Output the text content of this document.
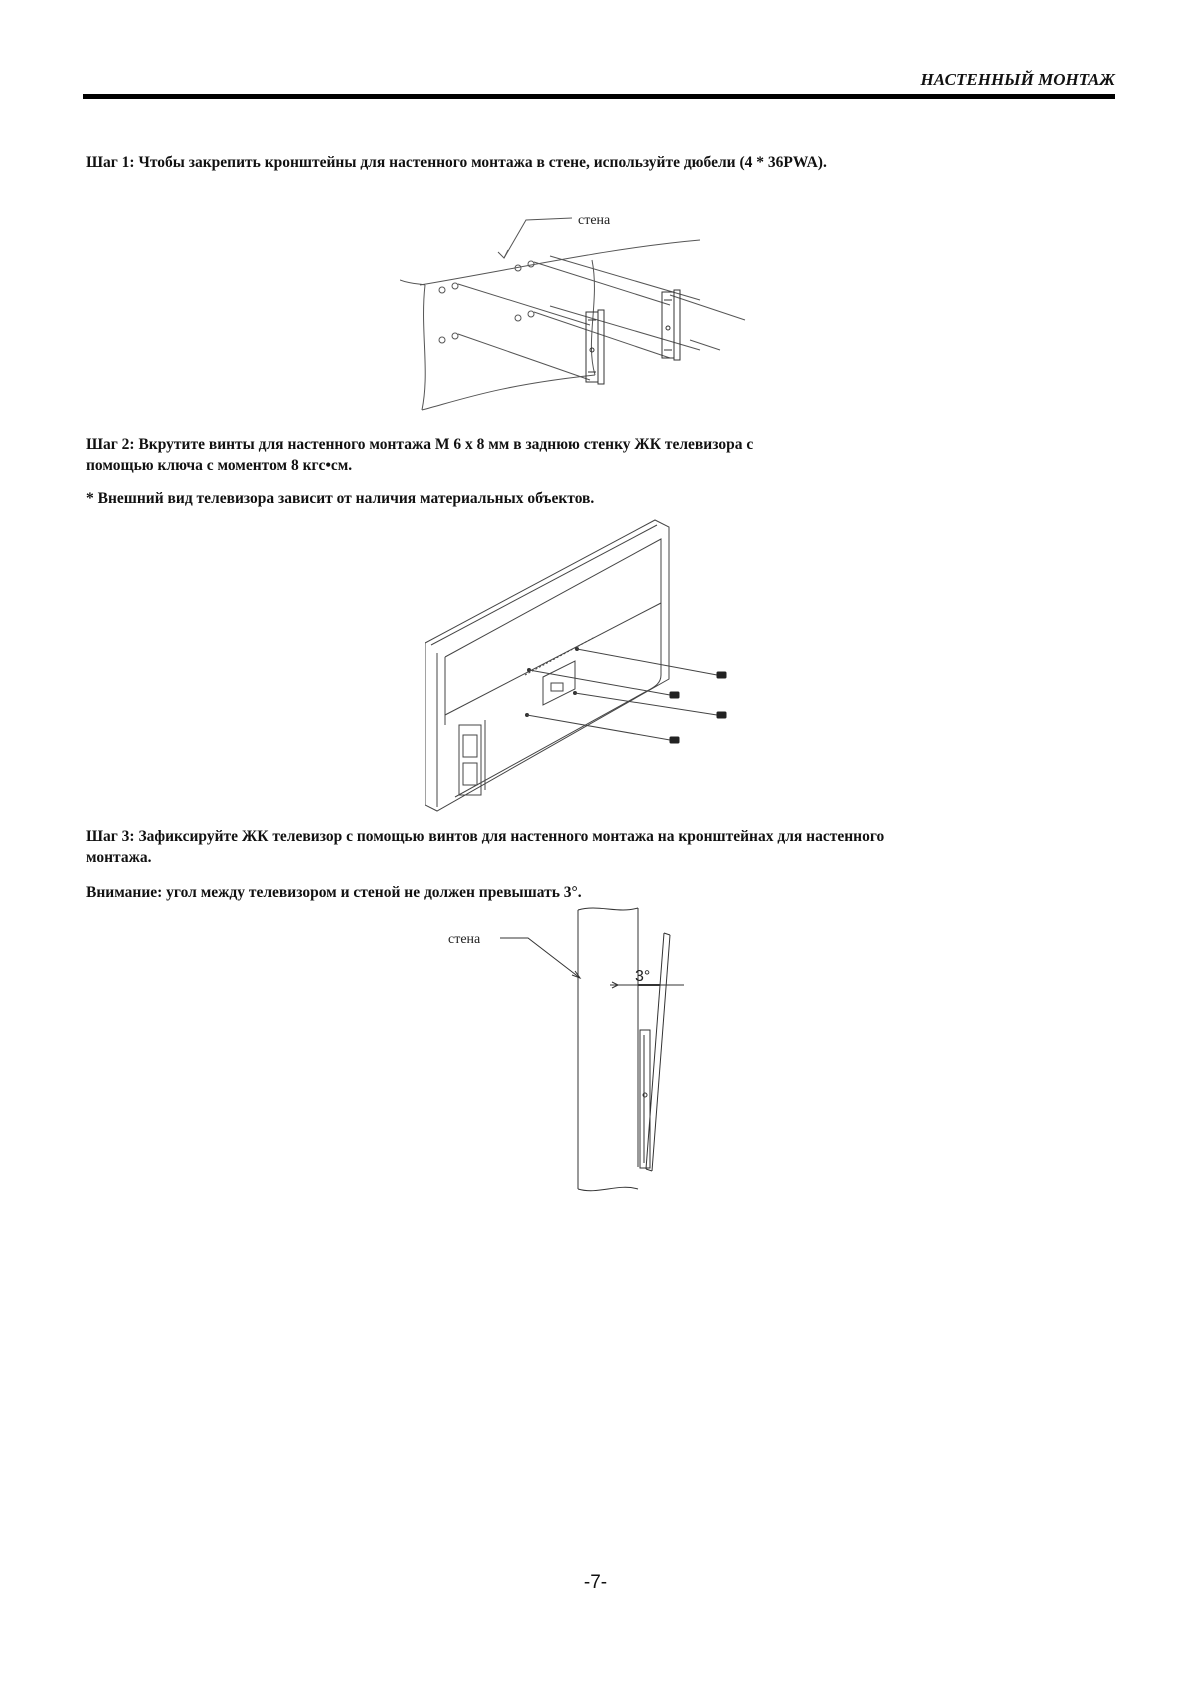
НАСТЕННЫЙ МОНТАЖ

Шаг 1: Чтобы закрепить кронштейны для настенного монтажа в стене, используйте дюбели (4 * 36PWA).

стена

Шаг 2: Вкрутите винты для настенного монтажа M 6 x 8 мм в заднюю стенку ЖК телевизора с

помощью ключа с моментом 8 кгс•см.

* Внешний вид телевизора зависит от наличия материальных объектов.

Шаг 3: Зафиксируйте ЖК телевизор с помощью винтов для настенного монтажа на кронштейнах для настенного

монтажа.

Внимание: угол между телевизором и стеной не должен превышать 3°.

стена
3°

-7-
